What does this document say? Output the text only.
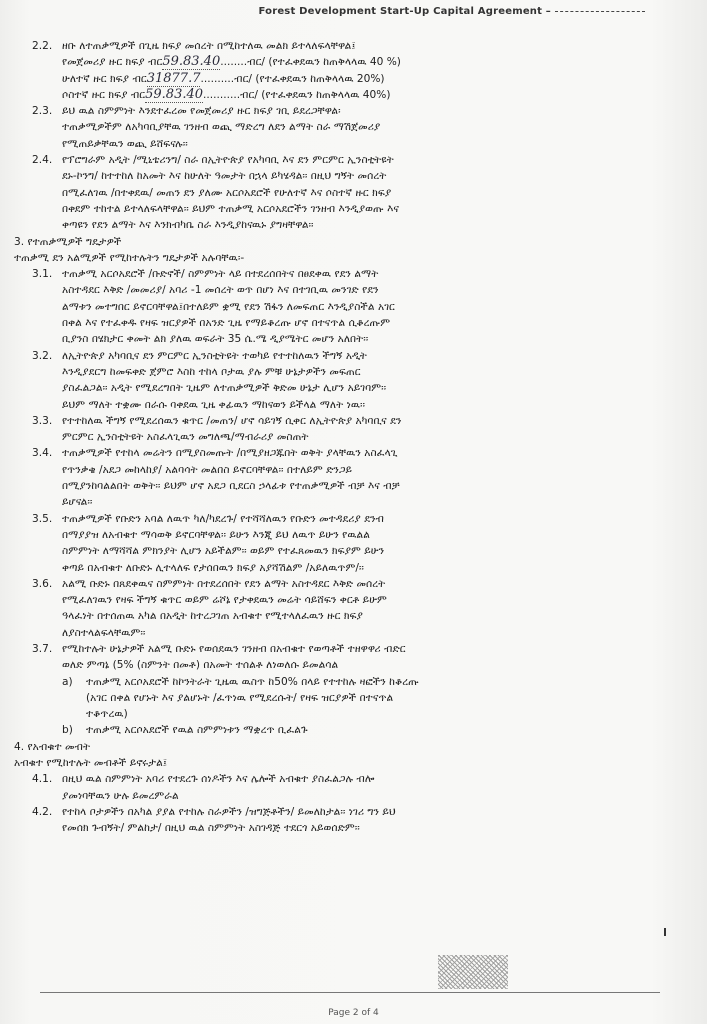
Forest Development Start-Up Capital Agreement –
2.2. ዘቡ ለተጠቃሚዎች በጊዜ ክፍያ መሰረት በሚከተለዉ መልክ ይተላለፍላቸዋል፤

የመጀመሪያ ዙር ክፍያ ብር59.83.40........ብር/ (የተፈቀደዉን ከጠቅላላዉ 40 %)

ሁለተኛ ዙር ክፍያ ብር31877.7..........ብር/ (የተፈቀደዉን ከጠቅላላዉ 20%)

ሶስተኛ ዙር ክፍያ ብር59.83.40...........ብር/ (የተፈቀደዉን ከጠቅላላዉ 40%)

2.3. ይህ ዉል ስምምነት እንደተፈረመ የመጀመሪያ ዙር ክፍያ ገቢ ይደረጋቸዋል፡

ተጠቃሚዎችም ለአካባቢያቸዉ ገንዘብ ወጪ ማድረግ ለደን ልማት ስራ ማሽጀመሪያ

የሚጠይቃቸዉን ወጪ ይሸፍናሉ፡፡

2.4. የፕሮግራም አዲት /ሚኒቴሪንግ/ ስራ በኢትዮጵያ የአካባቢ እና ደን ምርምር ኢንስቲትዩት

ደኑ-ኮንግ/ ከተተከለ ከአመት እና ከሁለት ዓመታት በኋላ ይካሄዳል፡፡ በዚህ ግኝት መሰረት

በሚፈለገዉ /በተቀደዉ/ መጠን ደን ያለሙ አርሶአደሮች የሁለተኛ እና ሶስተኛ ዙር ክፍያ

በቀደም ተከተል ይተላለፍላቸዋል፡፡ ይህም ተጠቃሚ አርሶአደሮችን ገንዘብ እንዲያወጡ እና

ቀጣዩን የደን ልማት እና እንክብካቤ ስራ እንዲያከናዉኑ ያግዛቸዋል፡፡

3. የተጠቃሚዎች ግዴታዎች

ተጠቃሚ ደን አልሚዎች የሚከተሉትን ግዴታዎች አሉባቸዉ፡-

3.1. ተጠቃሚ አርሶአደሮች /ቡድኖች/ ስምምነት ላይ በተደረሰበትና በፀደቀዉ የደን ልማት

አስተዳደር እቅድ /መመሪያ/ አባሪ -1 መሰረት ወጥ በሆነ እና በተገቢዉ መንገድ የደን

ልማቱን መተግበር ይኖርባቸዋል፤በተለይም ቋሚ የደን ሽፋን ለመፍጠር እንዲያስችል አገር

በቀል እና የተፈቀዱ የዛፍ ዝርያዎች በአንድ ጊዜ የማይቆረጡ ሆኖ በተናጥል ሲቆረጡም

ቢያንስ በሄክታር ቀመት ልክ ያለዉ ወፍራት 35 ሴ.ሜ ዲያሜትር መሆን አለበት፡፡

3.2. ለኢትዮጵያ አካባቢና ደን ምርምር ኢንስቲትዩት ተወካይ የተተከለዉን ችግኝ አዲት

እንዲያደርግ ከመፍቀድ ጀምሮ እስከ ተከላ ቦታዉ ያሉ ምቹ ሁኔታዎችን መፍጠር

ያስፈልጋል፡፡ አዲት የሚደረግበት ጊዜም ለተጠቃሚዎች ቅድመ ሁኔታ ሊሆን አይገባም፡፡

ይህም ማለት ተቋሙ በራሱ ባቀደዉ ጊዜ ቀፊዉን ማከናወን ይችላል ማለት ነዉ፡፡

3.3. የተተከለዉ ችግኝ የሚደረሰዉን ቁጥር /መጠን/ ሆኖ ሳይገኝ ሲቀር ለኢትዮጵያ አካባቢና ደን

ምርምር ኢንስቲትዩት አስፈላጊዉን መግለጫ/ማብራሪያ መስጠት

3.4. ተጠቃሚዎች የተከላ መሬትን በሚያስመጡት /በሚያዘጋጁበት ወቅት ያላቸዉን አስፈላጊ

የጥንቃቄ /አደጋ መከላከያ/ አልባሳት መልበስ ይኖርባቸዋል፡፡ በተለይም ድንጋይ

በሚያንከባልልበት ወቅት፡፡ ይህም ሆኖ አደጋ ቢደርስ ኃላፊቱ የተጠቃሚዎች ብቻ እና ብቻ

ይሆናል፡፡

3.5. ተጠቃሚዎች የቡድን አባል ለዉጥ ካለ/ካደረጉ/ የተሻሻለዉን የቡድን መተዳደሪያ ደንብ

በማያያዝ ለአብቁተ ማሳወቅ ይኖርባቸዋል፡፡ ይሁን እንጂ ይህ ለዉጥ ይሁን የዉልል

ስምምነት ለማሻሻል ምክንያት ሊሆን አይችልም፡፡ ወይም የተፈጸመዉን ክፍያም ይሁን

ቀጣይ በአብቁተ ለቡድኑ ሊተላለፍ የታሰበዉን ክፍያ አያሻሽልም /አይለዉጥም/፡፡

3.6. አልሚ ቡድኑ በጸደቀዉና ስምምነት በተደረሰበት የደን ልማት አስተዳደር እቅድ መሰረት

የሚፈለገዉን የዛፍ ችግኝ ቁጥር ወይም ሬሾኔ የታቀደዉን መሬት ሳይሸፍን ቀርቶ ይሁም

ዓላፈነት በተሰጠዉ አካል በአዲት ከተረጋገጠ አብቁተ የሚተላለፈዉን ዙር ክፍያ

ለያስተላልፍላቸዉም፡፡

3.7. የሚከተሉት ሁኔታዎች አልሚ ቡድኑ የወሰደዉን ገንዘብ በአብቁተ የወጣቶች ተዘዋዋሪ ብድር

ወለድ ምጣኔ (5% (ስምንት በመቶ) በአመት ተሰልቶ ለነወለሱ ይመልሳል

a)	ተጠቃሚ አርሶአደሮች ከኮንትራት ጊዜዉ ዉስጥ ከ50% በላይ የተተከሉ ዛፎችን ከቆረጡ

(አገር በቀል የሆኑት እና ያልሆኑት /ፈጥነዉ የሚደረሱት/ የዛፍ ዝርያዎች በተናጥል

ተቆጥረዉ)

b)	ተጠቃሚ አርሶአደሮች የዉል ስምምነቱን ማቋረጥ ቢፈልጉ

4. የአብቁተ መብት

አብቁተ የሚከተሉት መብቶች ይኖሩታል፤

4.1. በዚህ ዉል ስምምነት አባሪ የተደረጉ ሰነዶችን እና ሌሎች አብቁተ ያስፈልጋሉ ብሎ

ያመነባቸዉን ሁሉ ይመረምራል

4.2. የተከላ ቦታዎችን በአካል ያያል የተከሉ ስራዎችን /ዝግጅቶችን/ ይመለከታል፡፡ ነገሪ ግን ይህ

የመሰክ ጉብኝት/ ምልከታ/ በዚህ ዉል ስምምነት አስገዳጅ ተደርጎ አይወሰድም፡፡

Page 2 of 4
